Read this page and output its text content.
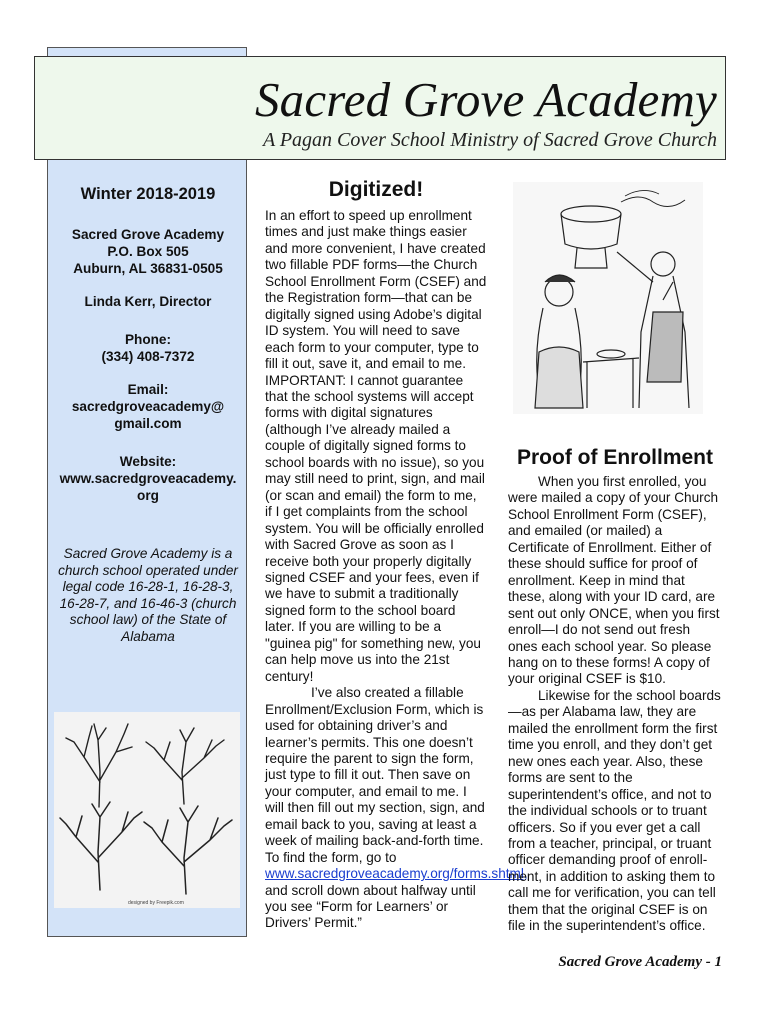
Sacred Grove Academy
A Pagan Cover School Ministry of Sacred Grove Church
Winter 2018-2019
Sacred Grove Academy
P.O. Box 505
Auburn, AL 36831-0505
Linda Kerr, Director
Phone:
(334) 408-7372
Email:
sacredgroveacademy@
gmail.com
Website:
www.sacredgroveacademy.
org
Sacred Grove Academy is a church school operated under legal code 16-28-1, 16-28-3, 16-28-7, and 16-46-3 (church school law) of the State of Alabama
designed by Freepik.com
Digitized!

In an effort to speed up enrollment times and just make things easier and more convenient, I have created two fillable PDF forms—the Church School Enrollment Form (CSEF) and the Registration form—that can be digitally signed using Adobe’s digital ID system. You will need to save each form to your computer, type to fill it out, save it, and email to me. IMPORTANT: I cannot guarantee that the school systems will accept forms with digital signatures (although I’ve already mailed a couple of digitally signed forms to school boards with no issue), so you may still need to print, sign, and mail (or scan and email) the form to me, if I get complaints from the school system. You will be officially enrolled with Sacred Grove as soon as I receive both your properly digitally signed CSEF and your fees, even if we have to submit a traditionally signed form to the school board later. If you are willing to be a "guinea pig" for something new, you can help move us into the 21st century!

I’ve also created a fillable Enrollment/Exclusion Form, which is used for obtaining driver’s and learner’s permits. This one doesn’t require the parent to sign the form, just type to fill it out. Then save on your computer, and email to me. I will then fill out my section, sign, and email back to you, saving at least a week of mailing back-and-forth time. To find the form, go to www.sacredgroveacademy.org/forms.shtml, and scroll down about halfway until you see “Form for Learners’ or Drivers’ Permit.”

Proof of Enrollment

When you first enrolled, you were mailed a copy of your Church School Enrollment Form (CSEF), and emailed (or mailed) a Certificate of Enrollment. Either of these should suffice for proof of enrollment. Keep in mind that these, along with your ID card, are sent out only ONCE, when you first enroll—I do not send out fresh ones each school year. So please hang on to these forms! A copy of your original CSEF is $10.

Likewise for the school boards—as per Alabama law, they are mailed the enrollment form the first time you enroll, and they don’t get new ones each year. Also, these forms are sent to the superintendent’s office, and not to the individual schools or to truant officers. So if you ever get a call from a teacher, principal, or truant officer demanding proof of enroll-ment, in addition to asking them to call me for verification, you can tell them that the original CSEF is on file in the superintendent’s office.

Sacred Grove Academy - 1
